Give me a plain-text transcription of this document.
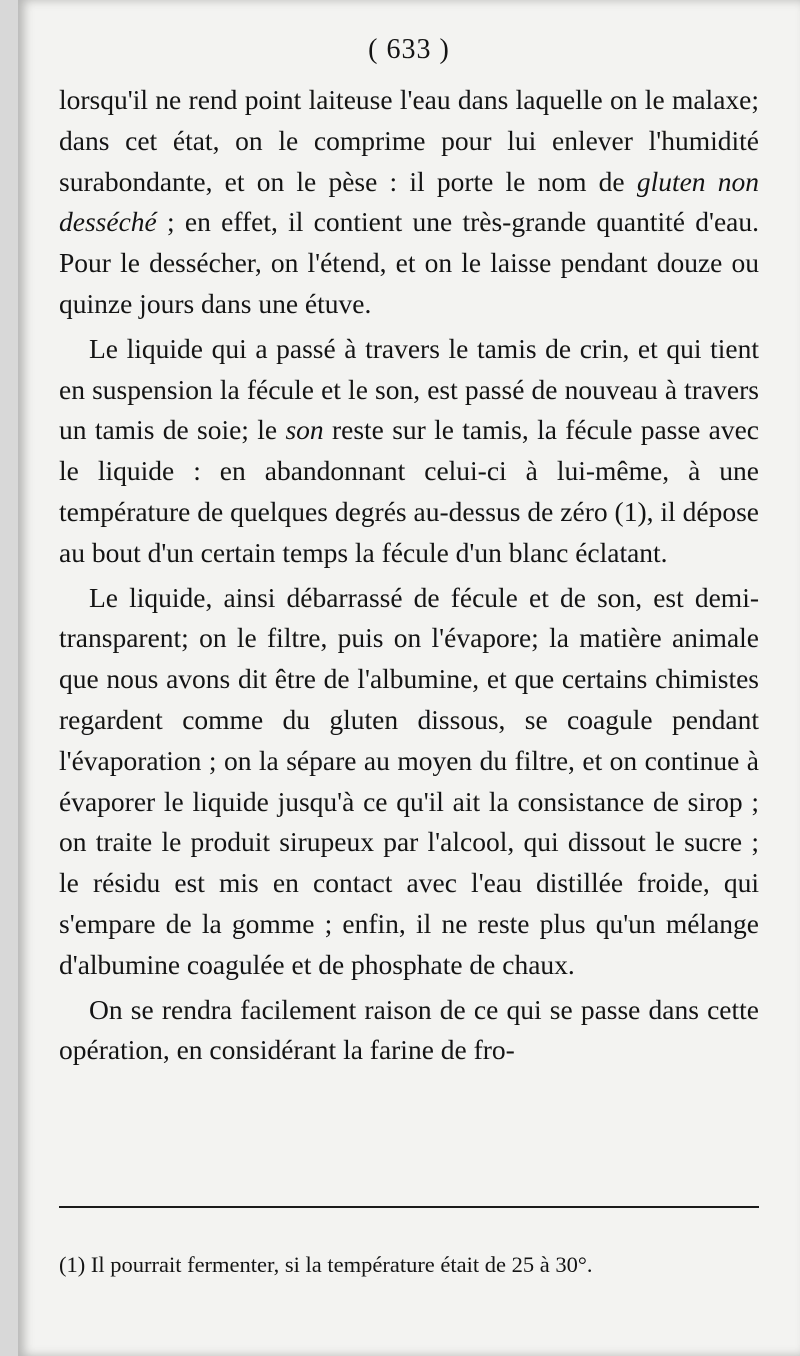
( 633 )

lorsqu'il ne rend point laiteuse l'eau dans laquelle on le malaxe; dans cet état, on le comprime pour lui enlever l'humidité surabondante, et on le pèse : il porte le nom de gluten non desséché ; en effet, il contient une très-grande quantité d'eau. Pour le dessécher, on l'étend, et on le laisse pendant douze ou quinze jours dans une étuve.

Le liquide qui a passé à travers le tamis de crin, et qui tient en suspension la fécule et le son, est passé de nouveau à travers un tamis de soie; le son reste sur le tamis, la fécule passe avec le liquide : en abandonnant celui-ci à lui-même, à une température de quelques degrés au-dessus de zéro (1), il dépose au bout d'un certain temps la fécule d'un blanc éclatant.

Le liquide, ainsi débarrassé de fécule et de son, est demi-transparent; on le filtre, puis on l'évapore; la matière animale que nous avons dit être de l'albumine, et que certains chimistes regardent comme du gluten dissous, se coagule pendant l'évaporation ; on la sépare au moyen du filtre, et on continue à évaporer le liquide jusqu'à ce qu'il ait la consistance de sirop ; on traite le produit sirupeux par l'alcool, qui dissout le sucre ; le résidu est mis en contact avec l'eau distillée froide, qui s'empare de la gomme ; enfin, il ne reste plus qu'un mélange d'albumine coagulée et de phosphate de chaux.

On se rendra facilement raison de ce qui se passe dans cette opération, en considérant la farine de fro-

(1) Il pourrait fermenter, si la température était de 25 à 30°.
